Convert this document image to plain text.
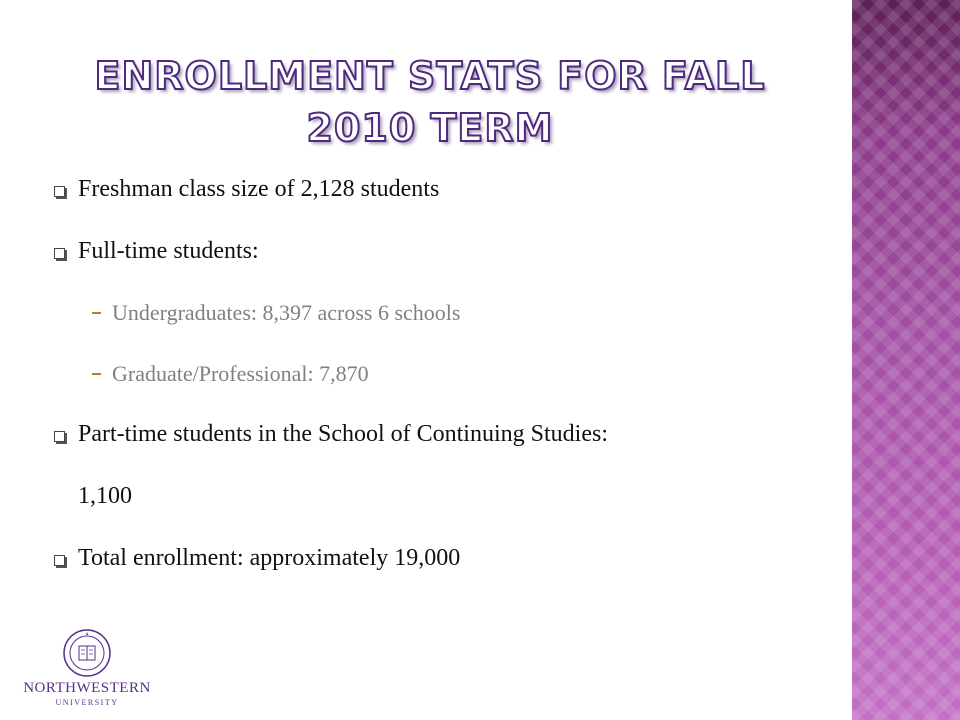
ENROLLMENT STATS FOR FALL 2010 TERM
Freshman class size of 2,128 students
Full-time students:
Undergraduates: 8,397 across 6 schools
Graduate/Professional: 7,870
Part-time students in the School of Continuing Studies:
1,100
Total enrollment: approximately 19,000
NORTHWESTERN
UNIVERSITY
